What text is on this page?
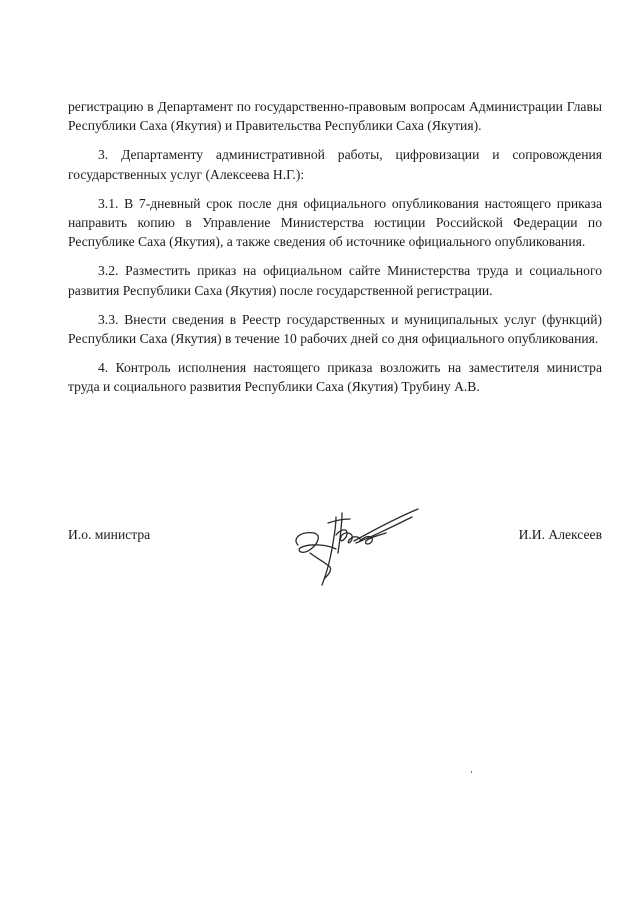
регистрацию в Департамент по государственно-правовым вопросам Администрации Главы Республики Саха (Якутия) и Правительства Республики Саха (Якутия).

3. Департаменту административной работы, цифровизации и сопровождения государственных услуг (Алексеева Н.Г.):

3.1. В 7-дневный срок после дня официального опубликования настоящего приказа направить копию в Управление Министерства юстиции Российской Федерации по Республике Саха (Якутия), а также сведения об источнике официального опубликования.

3.2. Разместить приказ на официальном сайте Министерства труда и социального развития Республики Саха (Якутия) после государственной регистрации.

3.3. Внести сведения в Реестр государственных и муниципальных услуг (функций) Республики Саха (Якутия) в течение 10 рабочих дней со дня официального опубликования.

4. Контроль исполнения настоящего приказа возложить на заместителя министра труда и социального развития Республики Саха (Якутия) Трубину А.В.

И.о. министра	И.И. Алексеев
